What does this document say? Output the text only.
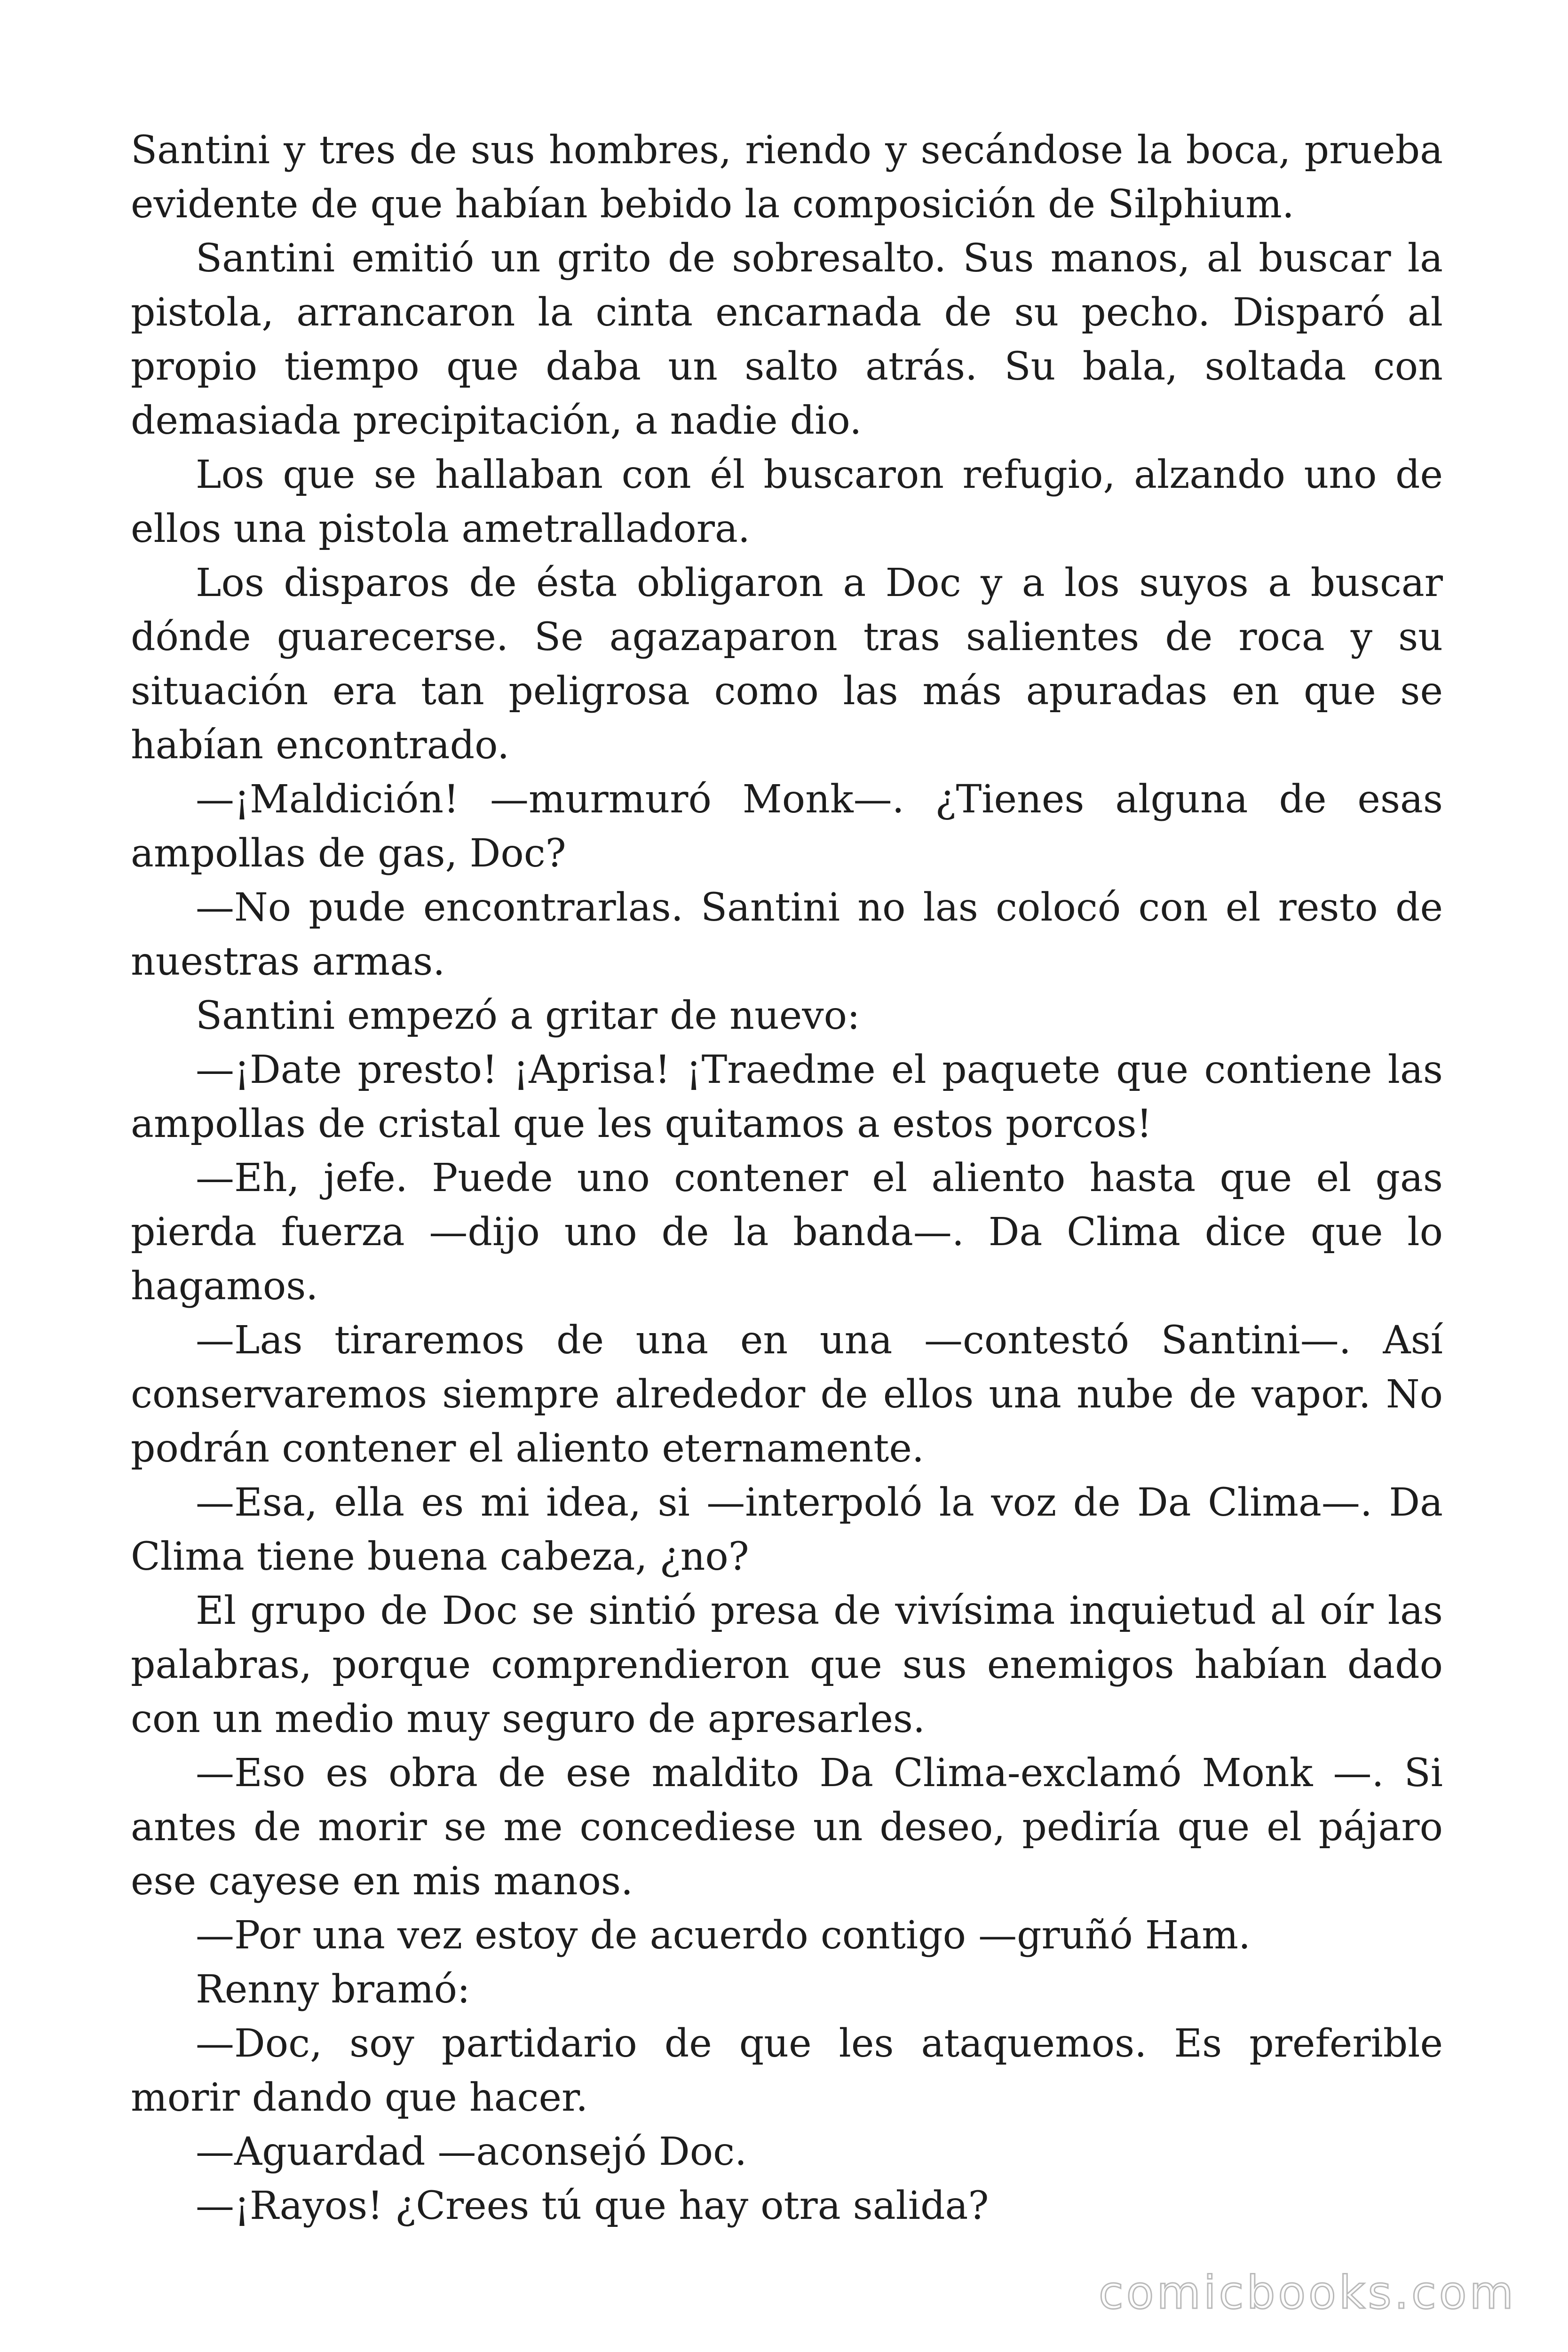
Santini y tres de sus hombres, riendo y secándose la boca, prueba evidente de que habían bebido la composición de Silphium.

Santini emitió un grito de sobresalto. Sus manos, al buscar la pistola, arrancaron la cinta encarnada de su pecho. Disparó al propio tiempo que daba un salto atrás. Su bala, soltada con demasiada precipitación, a nadie dio.

Los que se hallaban con él buscaron refugio, alzando uno de ellos una pistola ametralladora.

Los disparos de ésta obligaron a Doc y a los suyos a buscar dónde guarecerse. Se agazaparon tras salientes de roca y su situación era tan peligrosa como las más apuradas en que se habían encontrado.

—¡Maldición! —murmuró Monk—. ¿Tienes alguna de esas ampollas de gas, Doc?

—No pude encontrarlas. Santini no las colocó con el resto de nuestras armas.

Santini empezó a gritar de nuevo:

—¡Date presto! ¡Aprisa! ¡Traedme el paquete que contiene las ampollas de cristal que les quitamos a estos porcos!

—Eh, jefe. Puede uno contener el aliento hasta que el gas pierda fuerza —dijo uno de la banda—. Da Clima dice que lo hagamos.

—Las tiraremos de una en una —contestó Santini—. Así conservaremos siempre alrededor de ellos una nube de vapor. No podrán contener el aliento eternamente.

—Esa, ella es mi idea, si —interpoló la voz de Da Clima—. Da Clima tiene buena cabeza, ¿no?

El grupo de Doc se sintió presa de vivísima inquietud al oír las palabras, porque comprendieron que sus enemigos habían dado con un medio muy seguro de apresarles.

—Eso es obra de ese maldito Da Clima-exclamó Monk —. Si antes de morir se me concediese un deseo, pediría que el pájaro ese cayese en mis manos.

—Por una vez estoy de acuerdo contigo —gruñó Ham.

Renny bramó:

—Doc, soy partidario de que les ataquemos. Es preferible morir dando que hacer.

—Aguardad —aconsejó Doc.

—¡Rayos! ¿Crees tú que hay otra salida?

comicbooks.com
